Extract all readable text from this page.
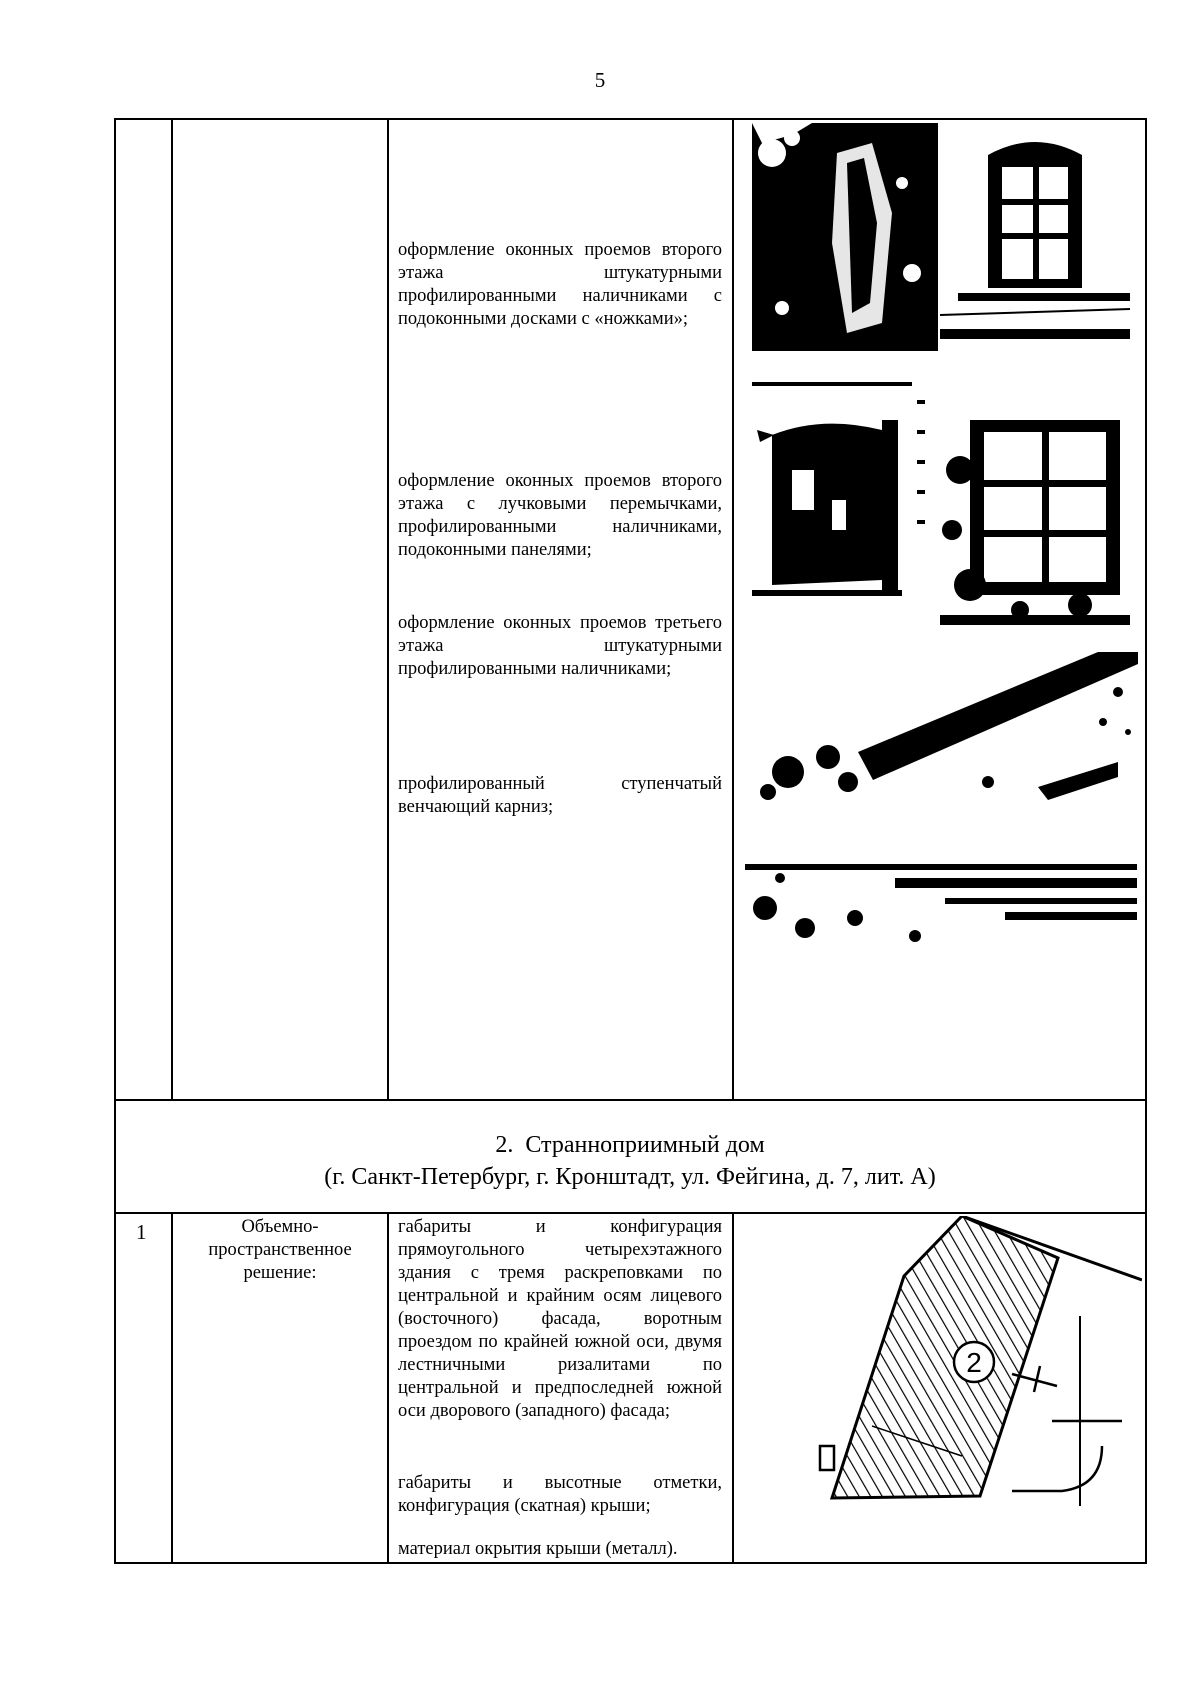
5
оформление оконных проемов второго этажа штукатурными профилированными наличниками с подоконными досками с «ножками»;
оформление оконных проемов второго этажа с лучковыми перемычками, профилированными наличниками, подоконными панелями;
оформление оконных проемов третьего этажа штукатурными профилированными наличниками;
профилированный ступенчатый венчающий карниз;
2. Странноприимный дом
(г. Санкт-Петербург, г. Кронштадт, ул. Фейгина, д. 7, лит. А)
1	Объемно-
пространственное
решение:
габариты и конфигурация прямоугольного четырехэтажного здания с тремя раскреповками по центральной и крайним осям лицевого (восточного) фасада, воротным проездом по крайней южной оси, двумя лестничными ризалитами по центральной и предпоследней южной оси дворового (западного) фасада;
габариты и высотные отметки, конфигурация (скатная) крыши;
материал окрытия крыши (металл).
2
